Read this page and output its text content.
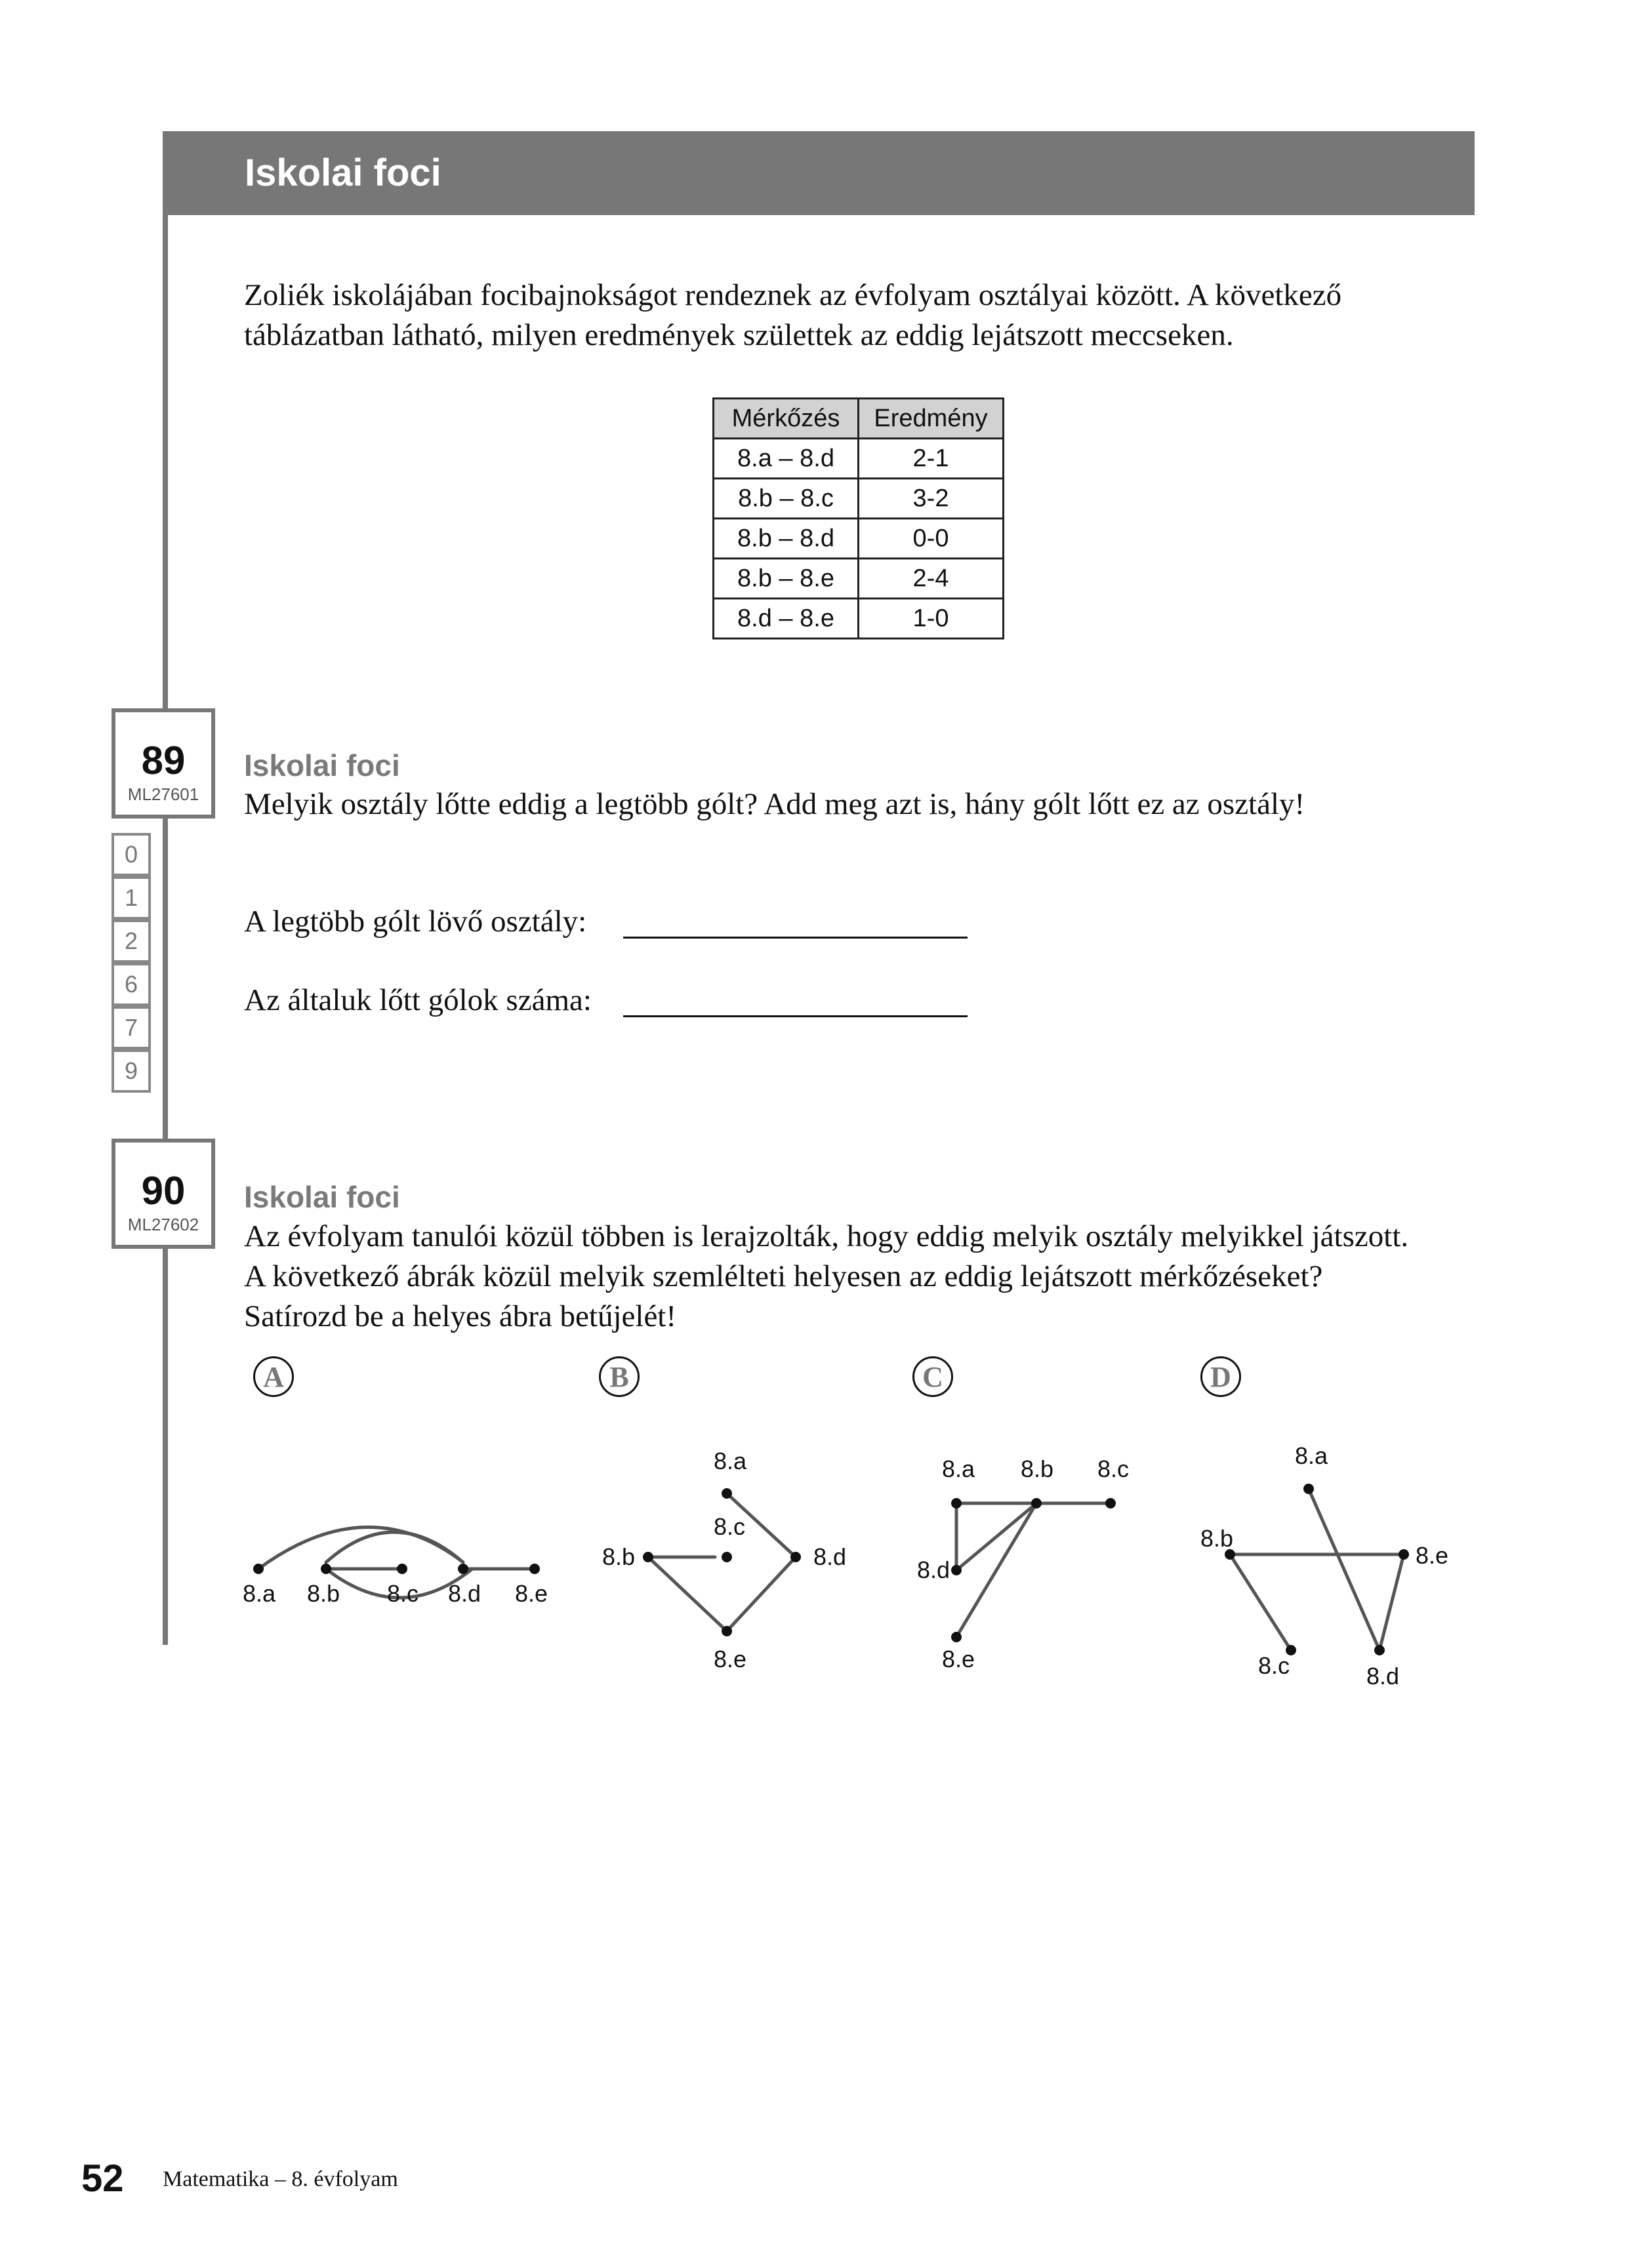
Iskolai foci
Zoliék iskolájában focibajnokságot rendeznek az évfolyam osztályai között. A következő
táblázatban látható, milyen eredmények születtek az eddig lejátszott meccseken.
Mérkőzés	Eredmény
8.a – 8.d	2-1
8.b – 8.c	3-2
8.b – 8.d	0-0
8.b – 8.e	2-4
8.d – 8.e	1-0
89
ML27601
0
1
2
6
7
9
Iskolai foci
Melyik osztály lőtte eddig a legtöbb gólt? Add meg azt is, hány gólt lőtt ez az osztály!
A legtöbb gólt lövő osztály:
Az általuk lőtt gólok száma:
90
ML27602
Iskolai foci
Az évfolyam tanulói közül többen is lerajzolták, hogy eddig melyik osztály melyikkel játszott.
A következő ábrák közül melyik szemlélteti helyesen az eddig lejátszott mérkőzéseket?
Satírozd be a helyes ábra betűjelét!
A	B	C	D
8.a 8.b 8.c 8.d 8.e
8.a
8.c
8.b	8.d
8.e
8.a 8.b 8.c
8.d
8.e
8.a
8.b
8.e
8.c	8.d
52 Matematika – 8. évfolyam
